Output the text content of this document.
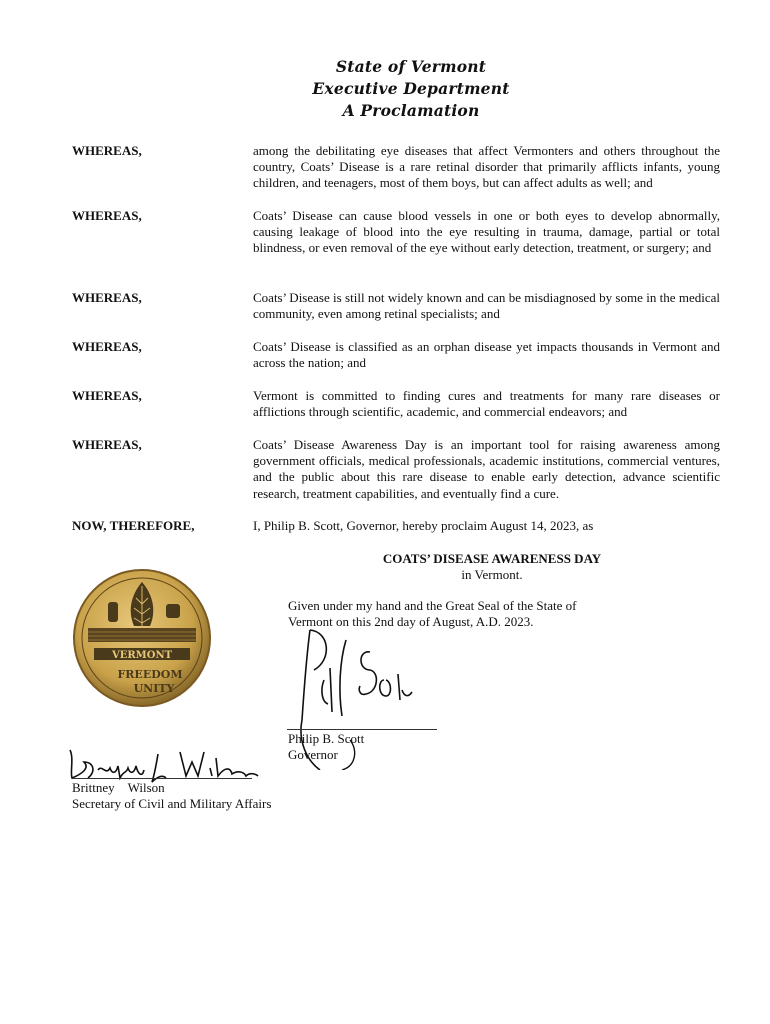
State of Vermont
Executive Department
A Proclamation
WHEREAS,	among the debilitating eye diseases that affect Vermonters and others throughout the country, Coats’ Disease is a rare retinal disorder that primarily afflicts infants, young children, and teenagers, most of them boys, but can affect adults as well; and
WHEREAS,	Coats’ Disease can cause blood vessels in one or both eyes to develop abnormally, causing leakage of blood into the eye resulting in trauma, damage, partial or total blindness, or even removal of the eye without early detection, treatment, or surgery; and
WHEREAS,	Coats’ Disease is still not widely known and can be misdiagnosed by some in the medical community, even among retinal specialists; and
WHEREAS,	Coats’ Disease is classified as an orphan disease yet impacts thousands in Vermont and across the nation; and
WHEREAS,	Vermont is committed to finding cures and treatments for many rare diseases or afflictions through scientific, academic, and commercial endeavors; and
WHEREAS,	Coats’ Disease Awareness Day is an important tool for raising awareness among government officials, medical professionals, academic institutions, commercial ventures, and the public about this rare disease to enable early detection, advance scientific research, treatment capabilities, and eventually find a cure.
NOW, THEREFORE,	I, Philip B. Scott, Governor, hereby proclaim August 14, 2023, as
COATS’ DISEASE AWARENESS DAY
in Vermont.
Given under my hand and the Great Seal of the State of
Vermont on this 2nd day of August, A.D. 2023.
VERMONT
FREEDOM
UNITY
Philip B. Scott
Governor
Brittney Wilson
Secretary of Civil and Military Affairs
